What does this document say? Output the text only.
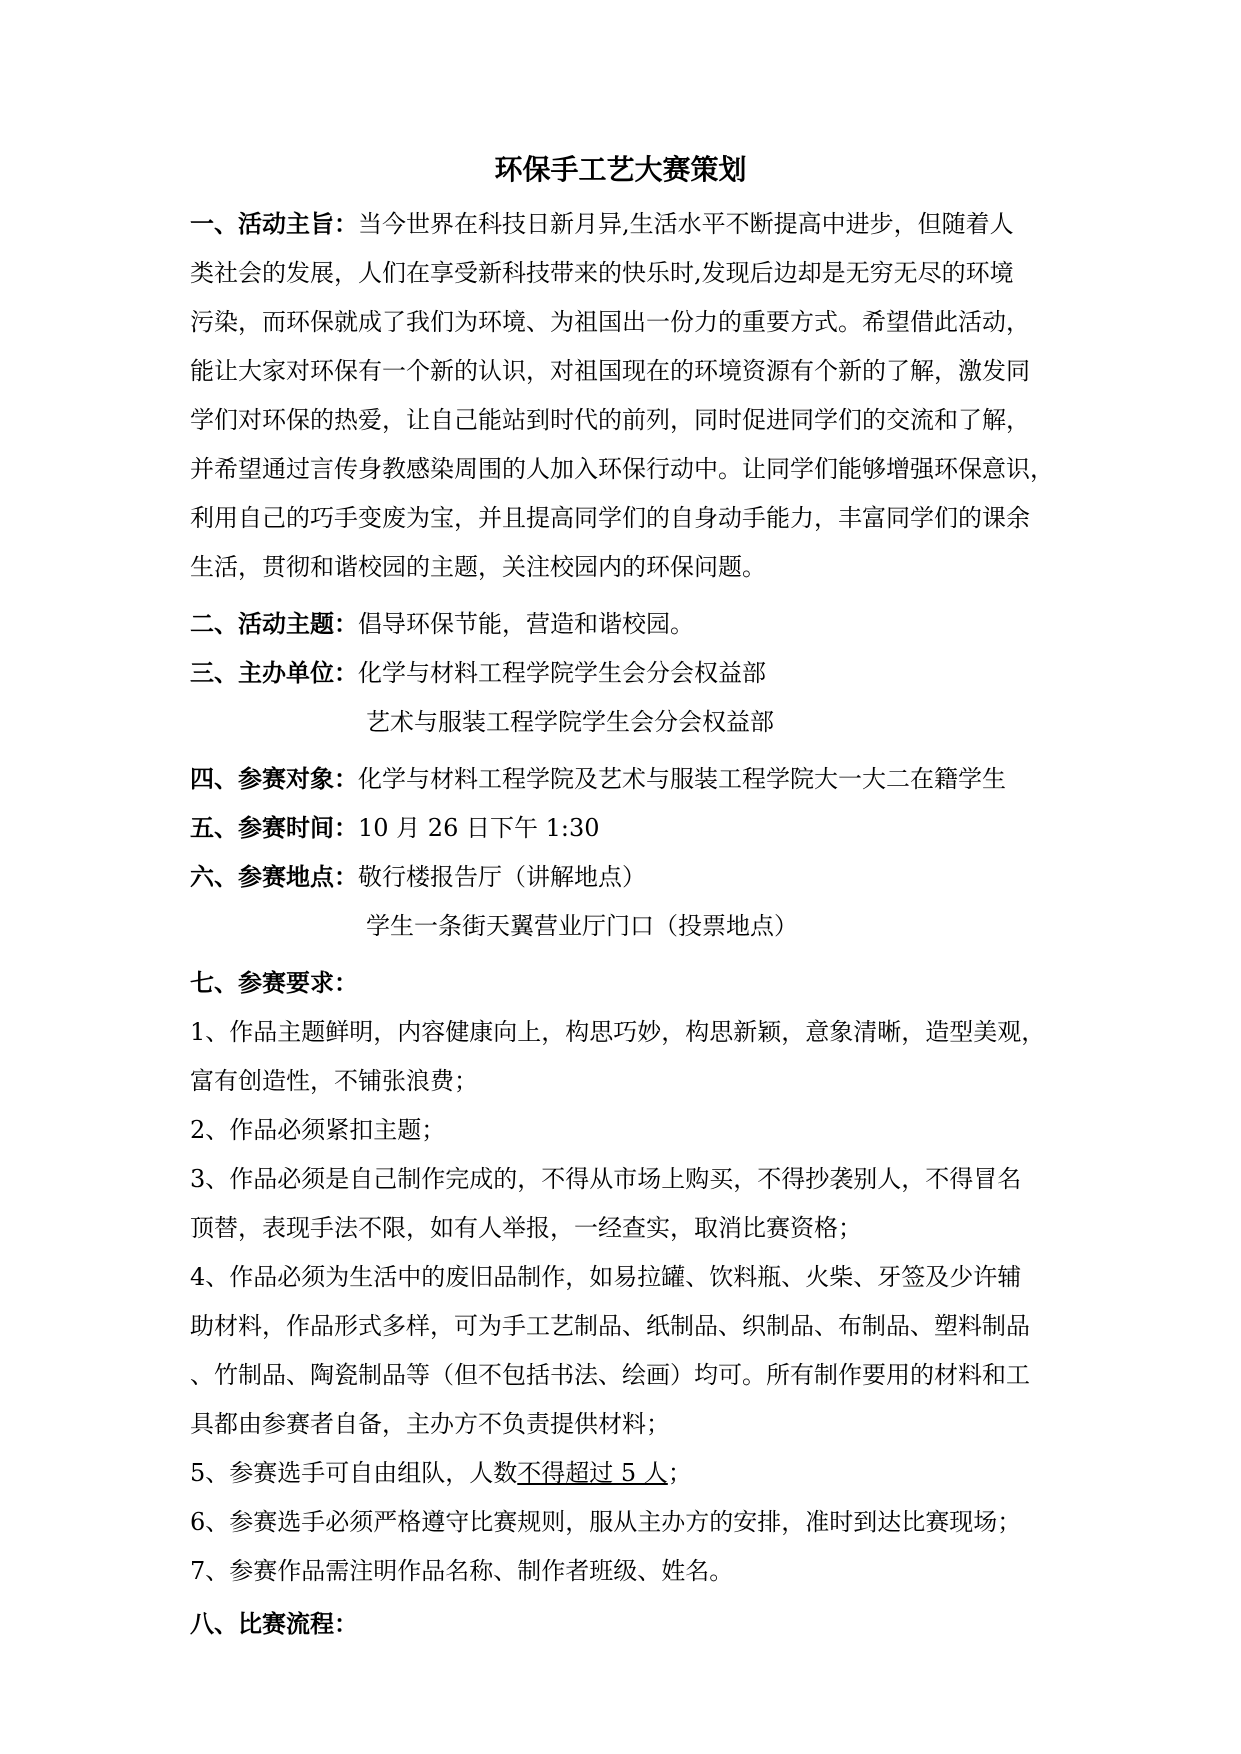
环保手工艺大赛策划
一、活动主旨：当今世界在科技日新月异,生活水平不断提高中进步，但随着人
类社会的发展，人们在享受新科技带来的快乐时,发现后边却是无穷无尽的环境
污染，而环保就成了我们为环境、为祖国出一份力的重要方式。希望借此活动，
能让大家对环保有一个新的认识，对祖国现在的环境资源有个新的了解，激发同
学们对环保的热爱，让自己能站到时代的前列，同时促进同学们的交流和了解，
并希望通过言传身教感染周围的人加入环保行动中。让同学们能够增强环保意识，
利用自己的巧手变废为宝，并且提高同学们的自身动手能力，丰富同学们的课余
生活，贯彻和谐校园的主题，关注校园内的环保问题。
二、活动主题：倡导环保节能，营造和谐校园。
三、主办单位：化学与材料工程学院学生会分会权益部
艺术与服装工程学院学生会分会权益部
四、参赛对象：化学与材料工程学院及艺术与服装工程学院大一大二在籍学生
五、参赛时间：10 月 26 日下午 1:30
六、参赛地点：敬行楼报告厅（讲解地点）
学生一条街天翼营业厅门口（投票地点）
七、参赛要求：
1、作品主题鲜明，内容健康向上，构思巧妙，构思新颖，意象清晰，造型美观，
富有创造性，不铺张浪费；
2、作品必须紧扣主题；
3、作品必须是自己制作完成的，不得从市场上购买，不得抄袭别人，不得冒名
顶替，表现手法不限，如有人举报，一经查实，取消比赛资格；
4、作品必须为生活中的废旧品制作，如易拉罐、饮料瓶、火柴、牙签及少许辅
助材料，作品形式多样，可为手工艺制品、纸制品、织制品、布制品、塑料制品
、竹制品、陶瓷制品等（但不包括书法、绘画）均可。所有制作要用的材料和工
具都由参赛者自备，主办方不负责提供材料；
5、参赛选手可自由组队，人数不得超过 5 人；
6、参赛选手必须严格遵守比赛规则，服从主办方的安排，准时到达比赛现场；
7、参赛作品需注明作品名称、制作者班级、姓名。
八、比赛流程：
